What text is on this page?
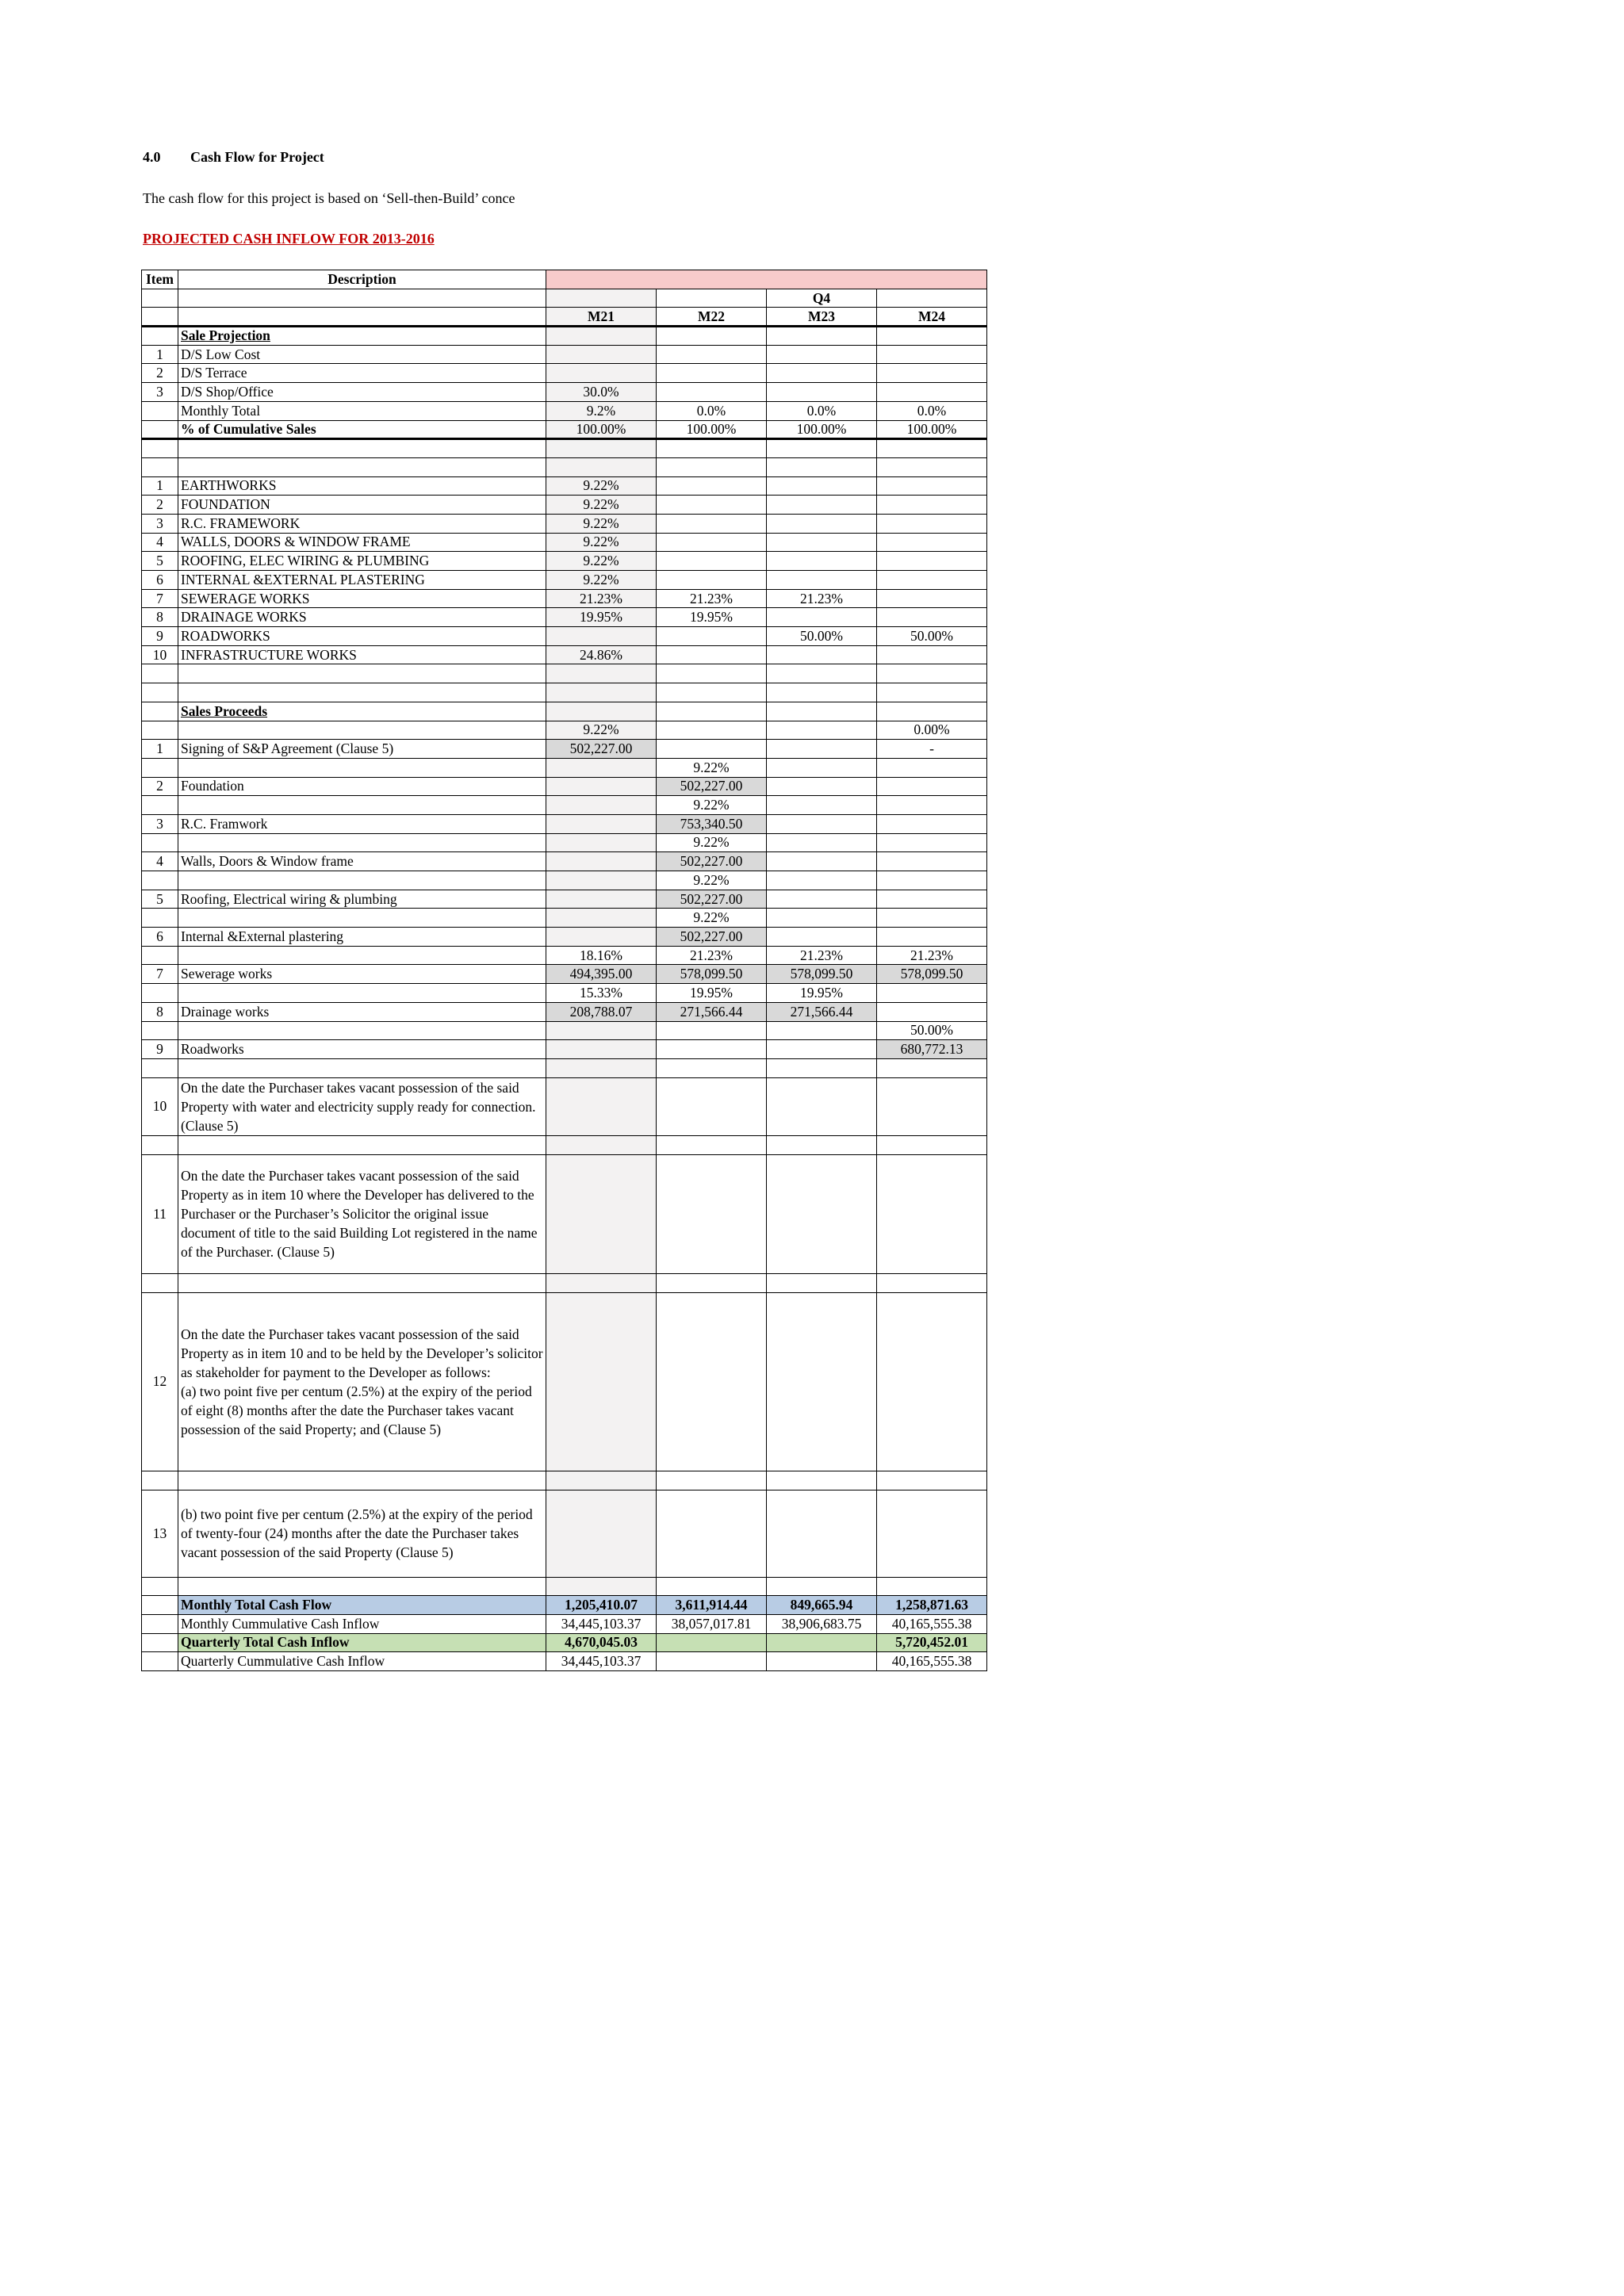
4.0 Cash Flow for Project
The cash flow for this project is based on ‘Sell-then-Build’ conce
PROJECTED CASH INFLOW FOR 2013-2016
Item	Description				
				Q4	
		M21	M22	M23	M24
	Sale Projection				
1	D/S Low Cost				
2	D/S Terrace				
3	D/S Shop/Office	30.0%			
	Monthly Total	9.2%	0.0%	0.0%	0.0%
	% of Cumulative Sales	100.00%	100.00%	100.00%	100.00%

1	EARTHWORKS	9.22%			
2	FOUNDATION	9.22%			
3	R.C. FRAMEWORK	9.22%			
4	WALLS, DOORS & WINDOW FRAME	9.22%			
5	ROOFING, ELEC WIRING & PLUMBING	9.22%			
6	INTERNAL &EXTERNAL PLASTERING	9.22%			
7	SEWERAGE WORKS	21.23%	21.23%	21.23%	
8	DRAINAGE WORKS	19.95%	19.95%		
9	ROADWORKS			50.00%	50.00%
10	INFRASTRUCTURE WORKS	24.86%			

	Sales Proceeds				
		9.22%			0.00%
1	Signing of S&P Agreement (Clause 5)	502,227.00			-
			9.22%		
2	Foundation		502,227.00		
			9.22%		
3	R.C. Framwork		753,340.50		
			9.22%		
4	Walls, Doors & Window frame		502,227.00		
			9.22%		
5	Roofing, Electrical wiring & plumbing		502,227.00		
			9.22%		
6	Internal &External plastering		502,227.00		
		18.16%	21.23%	21.23%	21.23%
7	Sewerage works	494,395.00	578,099.50	578,099.50	578,099.50
		15.33%	19.95%	19.95%	
8	Drainage works	208,788.07	271,566.44	271,566.44	
					50.00%
9	Roadworks				680,772.13

10	On the date the Purchaser takes vacant possession of the said Property with water and electricity supply ready for connection. (Clause 5)				

11	On the date the Purchaser takes vacant possession of the said Property as in item 10 where the Developer has delivered to the Purchaser or the Purchaser’s Solicitor the original issue document of title to the said Building Lot registered in the name of the Purchaser. (Clause 5)				

12	On the date the Purchaser takes vacant possession of the said Property as in item 10 and to be held by the Developer’s solicitor as stakeholder for payment to the Developer as follows:
(a) two point five per centum (2.5%) at the expiry of the period of eight (8) months after the date the Purchaser takes vacant possession of the said Property; and (Clause 5)				

13	(b) two point five per centum (2.5%) at the expiry of the period of twenty-four (24) months after the date the Purchaser takes vacant possession of the said Property (Clause 5)				

	Monthly Total Cash Flow	1,205,410.07	3,611,914.44	849,665.94	1,258,871.63
	Monthly Cummulative Cash Inflow	34,445,103.37	38,057,017.81	38,906,683.75	40,165,555.38
	Quarterly Total Cash Inflow	4,670,045.03			5,720,452.01
	Quarterly Cummulative Cash Inflow	34,445,103.37			40,165,555.38
